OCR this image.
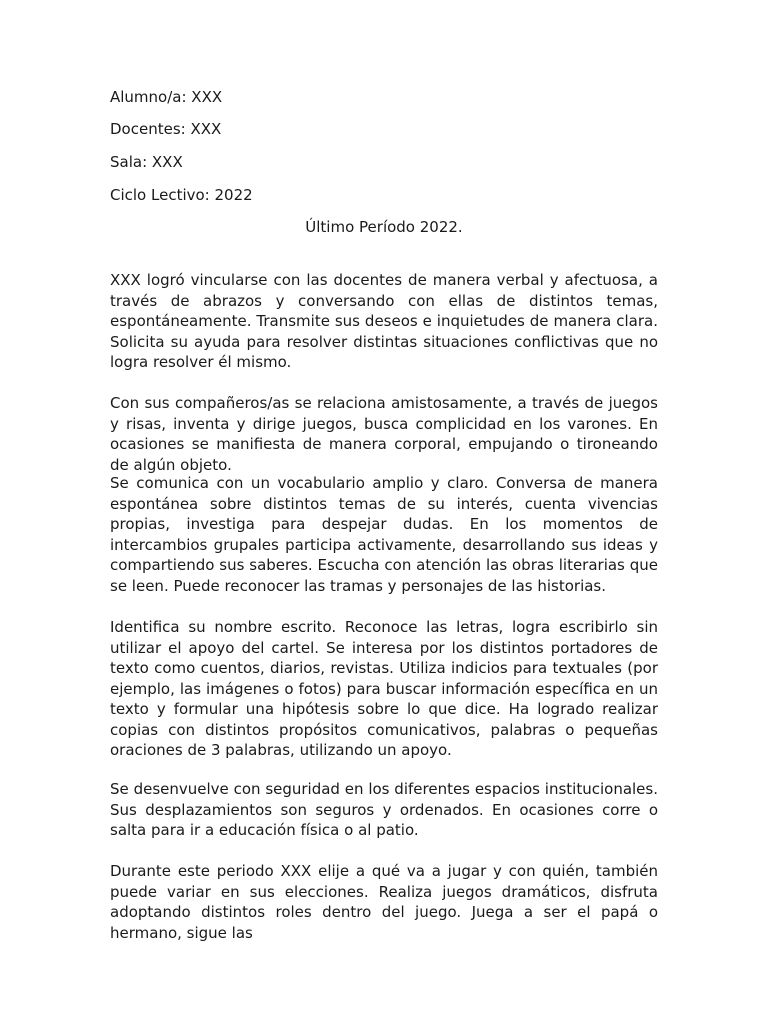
Alumno/a: XXX
Docentes: XXX
Sala: XXX
Ciclo Lectivo: 2022
Último Período 2022.

XXX logró vincularse con las docentes de manera verbal y afectuosa, a través de abrazos y conversando con ellas de distintos temas, espontáneamente. Transmite sus deseos e inquietudes de manera clara. Solicita su ayuda para resolver distintas situaciones conflictivas que no logra resolver él mismo.

Con sus compañeros/as se relaciona amistosamente, a través de juegos y risas, inventa y dirige juegos, busca complicidad en los varones. En ocasiones se manifiesta de manera corporal, empujando o tironeando de algún objeto.

Se comunica con un vocabulario amplio y claro. Conversa de manera espontánea sobre distintos temas de su interés, cuenta vivencias propias, investiga para despejar dudas. En los momentos de intercambios grupales participa activamente, desarrollando sus ideas y compartiendo sus saberes. Escucha con atención las obras literarias que se leen. Puede reconocer las tramas y personajes de las historias.

Identifica su nombre escrito. Reconoce las letras, logra escribirlo sin utilizar el apoyo del cartel. Se interesa por los distintos portadores de texto como cuentos, diarios, revistas. Utiliza indicios para textuales (por ejemplo, las imágenes o fotos) para buscar información específica en un texto y formular una hipótesis sobre lo que dice. Ha logrado realizar copias con distintos propósitos comunicativos, palabras o pequeñas oraciones de 3 palabras, utilizando un apoyo.

Se desenvuelve con seguridad en los diferentes espacios institucionales. Sus desplazamientos son seguros y ordenados. En ocasiones corre o salta para ir a educación física o al patio.

Durante este periodo XXX elije a qué va a jugar y con quién, también puede variar en sus elecciones. Realiza juegos dramáticos, disfruta adoptando distintos roles dentro del juego. Juega a ser el papá o hermano, sigue las
